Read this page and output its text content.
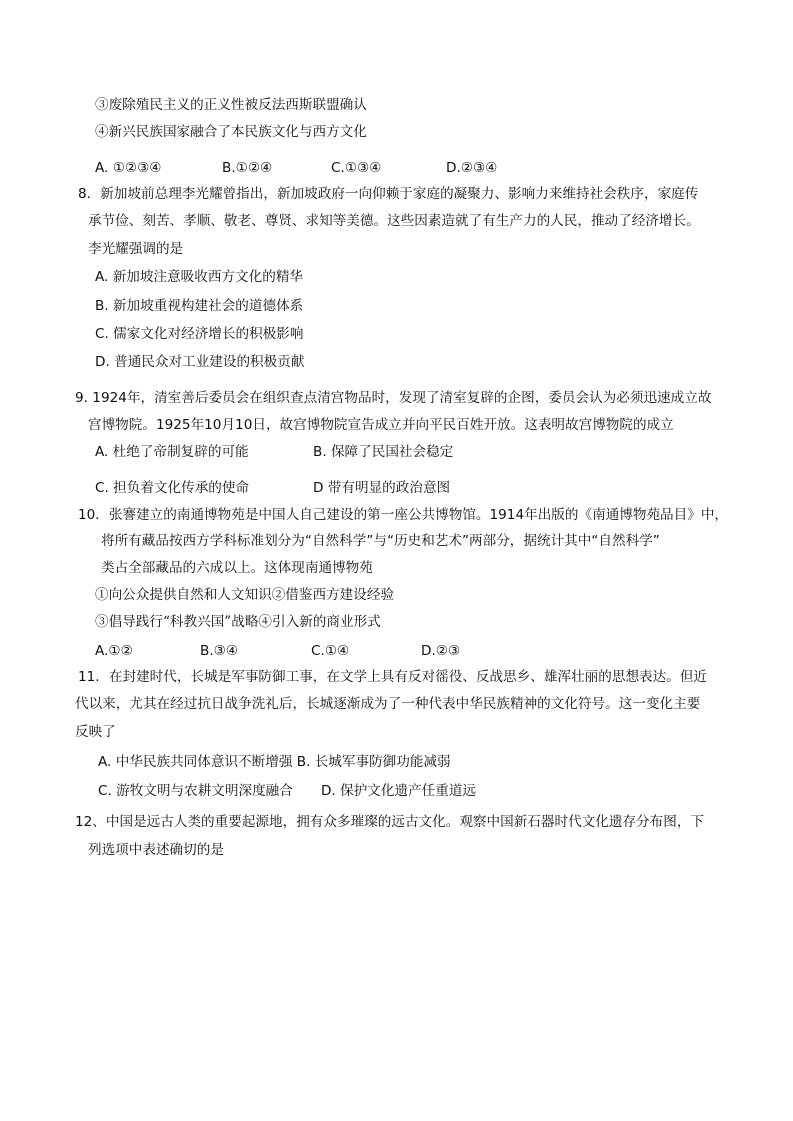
③废除殖民主义的正义性被反法西斯联盟确认
④新兴民族国家融合了本民族文化与西方文化
A. ①②③④	B.①②④	C.①③④	D.②③④
8．新加坡前总理李光耀曾指出，新加坡政府一向仰赖于家庭的凝聚力、影响力来维持社会秩序，家庭传
承节俭、刻苦、孝顺、敬老、尊贤、求知等美德。这些因素造就了有生产力的人民，推动了经济增长。
李光耀强调的是
A. 新加坡注意吸收西方文化的精华
B. 新加坡重视构建社会的道德体系
C. 儒家文化对经济增长的积极影响
D. 普通民众对工业建设的积极贡献
9. 1924年，清室善后委员会在组织查点清宫物品时，发现了清室复辟的企图，委员会认为必须迅速成立故
宫博物院。1925年10月10日，故宫博物院宣告成立并向平民百姓开放。这表明故宫博物院的成立
A. 杜绝了帝制复辟的可能	B. 保障了民国社会稳定
C. 担负着文化传承的使命	D 带有明显的政治意图
10．张謇建立的南通博物苑是中国人自己建设的第一座公共博物馆。1914年出版的《南通博物苑品目》中，
将所有藏品按西方学科标准划分为“自然科学”与“历史和艺术”两部分，据统计其中“自然科学”
类占全部藏品的六成以上。这体现南通博物苑
①向公众提供自然和人文知识②借鉴西方建设经验
③倡导践行“科教兴国”战略④引入新的商业形式
A.①②	B.③④	C.①④	D.②③
11．在封建时代，长城是军事防御工事，在文学上具有反对徭役、反战思乡、雄浑壮丽的思想表达。但近
代以来，尤其在经过抗日战争洗礼后，长城逐渐成为了一种代表中华民族精神的文化符号。这一变化主要
反映了
A. 中华民族共同体意识不断增强 B. 长城军事防御功能减弱
C. 游牧文明与农耕文明深度融合 D. 保护文化遗产任重道远
12、中国是远古人类的重要起源地，拥有众多璀璨的远古文化。观察中国新石器时代文化遗存分布图，下
列选项中表述确切的是
